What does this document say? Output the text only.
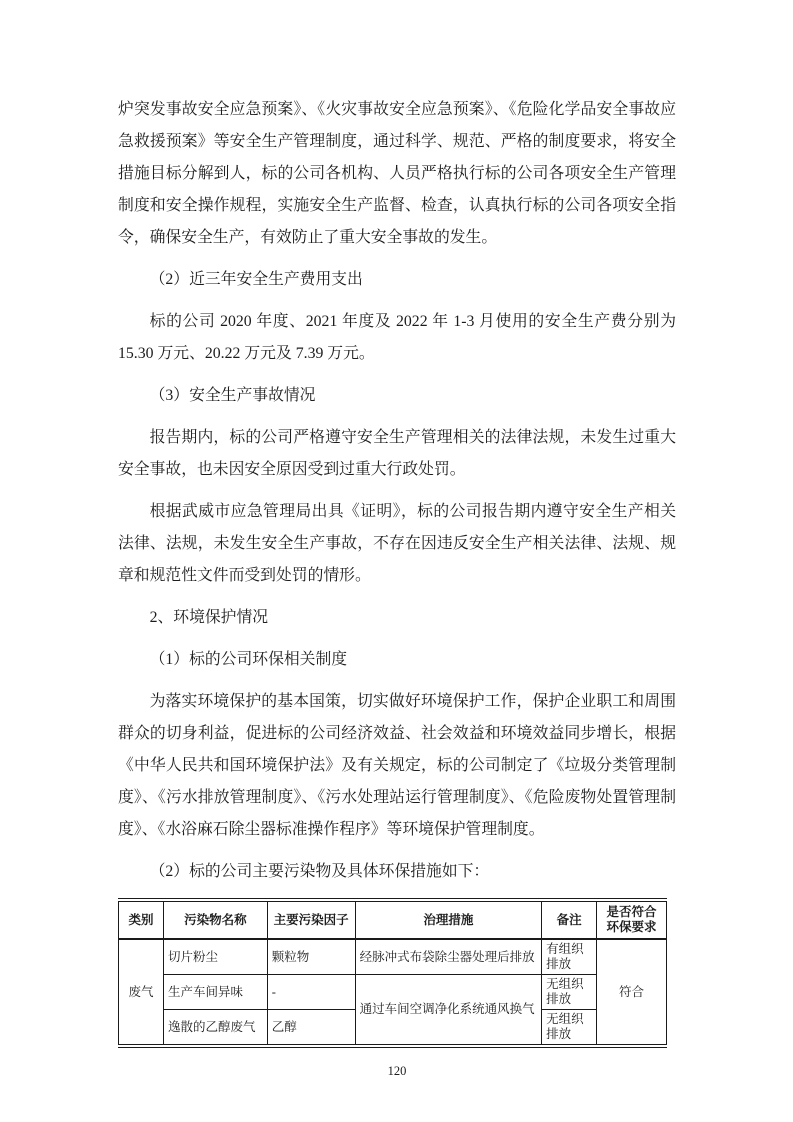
炉突发事故安全应急预案》、《火灾事故安全应急预案》、《危险化学品安全事故应急救援预案》等安全生产管理制度，通过科学、规范、严格的制度要求，将安全措施目标分解到人，标的公司各机构、人员严格执行标的公司各项安全生产管理制度和安全操作规程，实施安全生产监督、检查，认真执行标的公司各项安全指令，确保安全生产，有效防止了重大安全事故的发生。
（2）近三年安全生产费用支出
标的公司 2020 年度、2021 年度及 2022 年 1-3 月使用的安全生产费分别为 15.30 万元、20.22 万元及 7.39 万元。
（3）安全生产事故情况
报告期内，标的公司严格遵守安全生产管理相关的法律法规，未发生过重大安全事故，也未因安全原因受到过重大行政处罚。
根据武威市应急管理局出具《证明》，标的公司报告期内遵守安全生产相关法律、法规，未发生安全生产事故，不存在因违反安全生产相关法律、法规、规章和规范性文件而受到处罚的情形。
2、环境保护情况
（1）标的公司环保相关制度
为落实环境保护的基本国策，切实做好环境保护工作，保护企业职工和周围群众的切身利益，促进标的公司经济效益、社会效益和环境效益同步增长，根据《中华人民共和国环境保护法》及有关规定，标的公司制定了《垃圾分类管理制度》、《污水排放管理制度》、《污水处理站运行管理制度》、《危险废物处置管理制度》、《水浴麻石除尘器标准操作程序》等环境保护管理制度。
（2）标的公司主要污染物及具体环保措施如下：
类别	污染物名称	主要污染因子	治理措施	备注	是否符合环保要求
废气	切片粉尘	颗粒物	经脉冲式布袋除尘器处理后排放	有组织排放	符合
	生产车间异味	-	通过车间空调净化系统通风换气	无组织排放	
	逸散的乙醇废气	乙醇		无组织排放	
120
